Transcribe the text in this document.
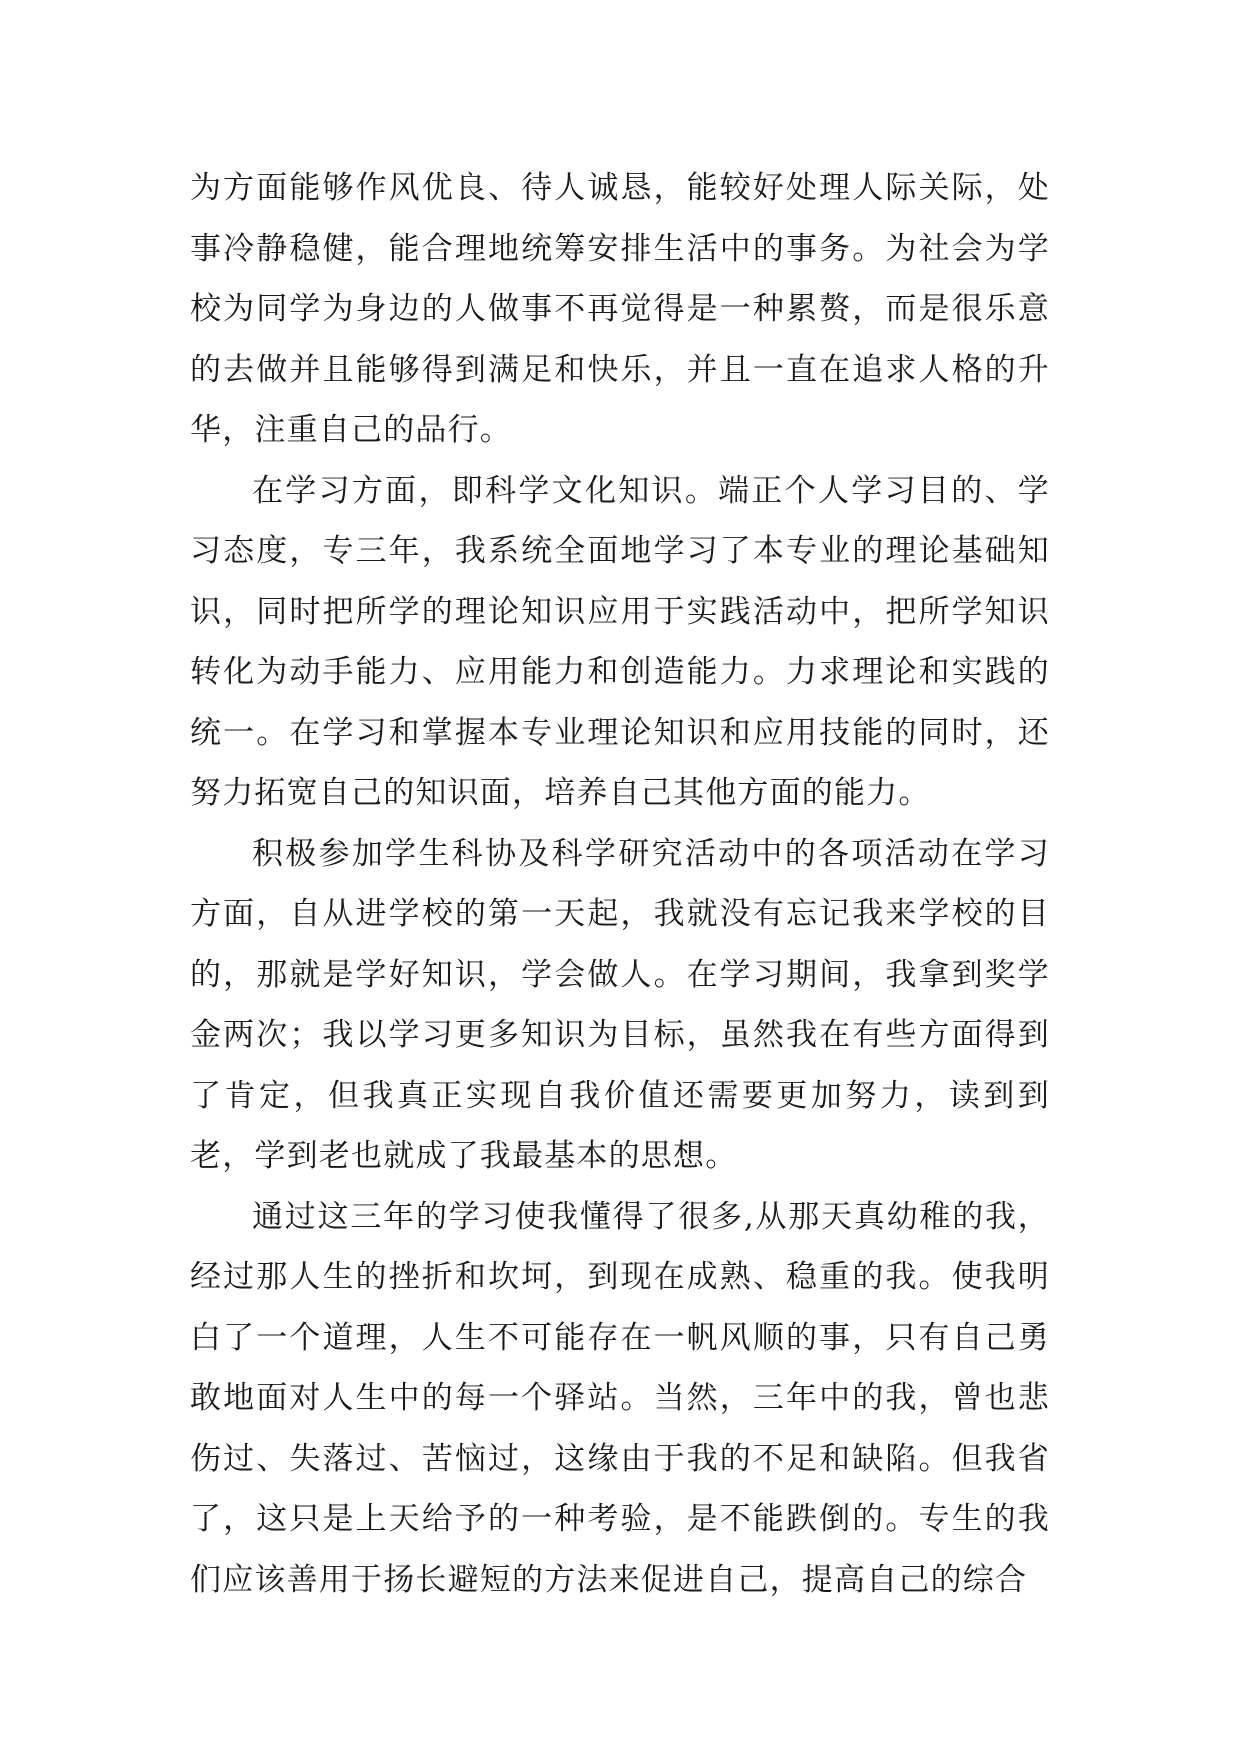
为方面能够作风优良、待人诚恳，能较好处理人际关际，处事冷静稳健，能合理地统筹安排生活中的事务。为社会为学校为同学为身边的人做事不再觉得是一种累赘，而是很乐意的去做并且能够得到满足和快乐，并且一直在追求人格的升华，注重自己的品行。

在学习方面，即科学文化知识。端正个人学习目的、学习态度，专三年，我系统全面地学习了本专业的理论基础知识，同时把所学的理论知识应用于实践活动中，把所学知识转化为动手能力、应用能力和创造能力。力求理论和实践的统一。在学习和掌握本专业理论知识和应用技能的同时，还努力拓宽自己的知识面，培养自己其他方面的能力。

积极参加学生科协及科学研究活动中的各项活动在学习方面，自从进学校的第一天起，我就没有忘记我来学校的目的，那就是学好知识，学会做人。在学习期间，我拿到奖学金两次；我以学习更多知识为目标，虽然我在有些方面得到了肯定，但我真正实现自我价值还需要更加努力，读到到老，学到老也就成了我最基本的思想。

通过这三年的学习使我懂得了很多,从那天真幼稚的我，经过那人生的挫折和坎坷，到现在成熟、稳重的我。使我明白了一个道理，人生不可能存在一帆风顺的事，只有自己勇敢地面对人生中的每一个驿站。当然，三年中的我，曾也悲伤过、失落过、苦恼过，这缘由于我的不足和缺陷。但我省了，这只是上天给予的一种考验，是不能跌倒的。专生的我们应该善用于扬长避短的方法来促进自己，提高自己的综合
